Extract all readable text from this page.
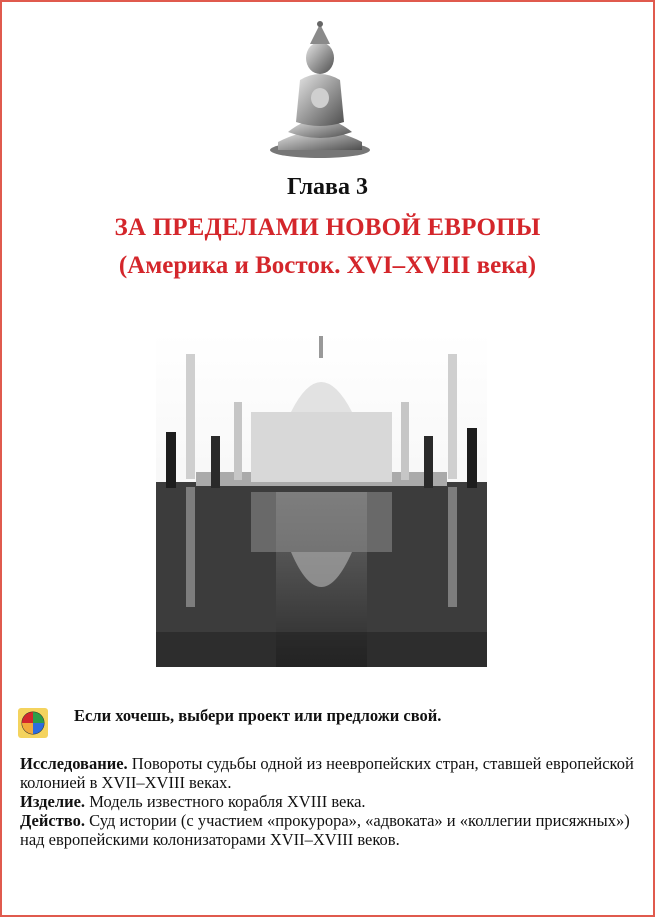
Глава 3
ЗА ПРЕДЕЛАМИ НОВОЙ ЕВРОПЫ
(Америка и Восток. XVI–XVIII века)
Если хочешь, выбери проект или предложи свой.

Исследование. Повороты судьбы одной из неевропейских стран, ставшей европейской колонией в XVII–XVIII веках.

Изделие. Модель известного корабля XVIII века.

Действо. Суд истории (с участием «прокурора», «адвоката» и «коллегии присяжных») над европейскими колонизаторами XVII–XVIII веков.
